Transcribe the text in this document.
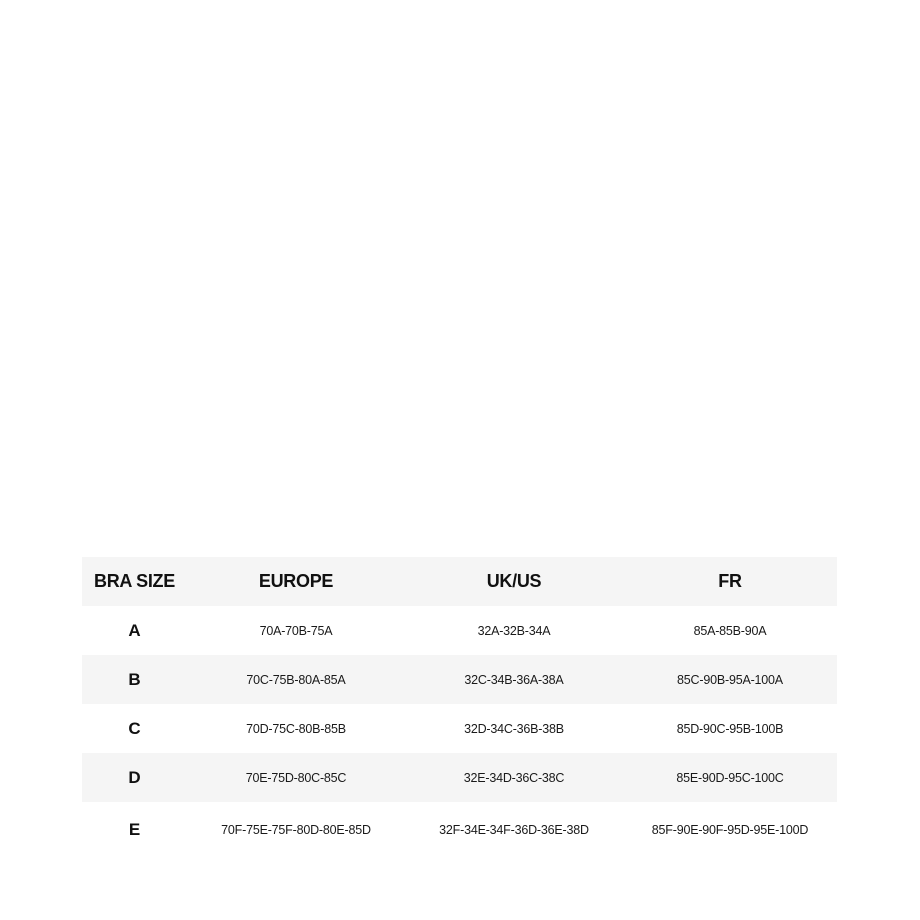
BRA SIZE	EUROPE	UK/US	FR
A	70A-70B-75A	32A-32B-34A	85A-85B-90A
B	70C-75B-80A-85A	32C-34B-36A-38A	85C-90B-95A-100A
C	70D-75C-80B-85B	32D-34C-36B-38B	85D-90C-95B-100B
D	70E-75D-80C-85C	32E-34D-36C-38C	85E-90D-95C-100C
E	70F-75E-75F-80D-80E-85D	32F-34E-34F-36D-36E-38D	85F-90E-90F-95D-95E-100D
